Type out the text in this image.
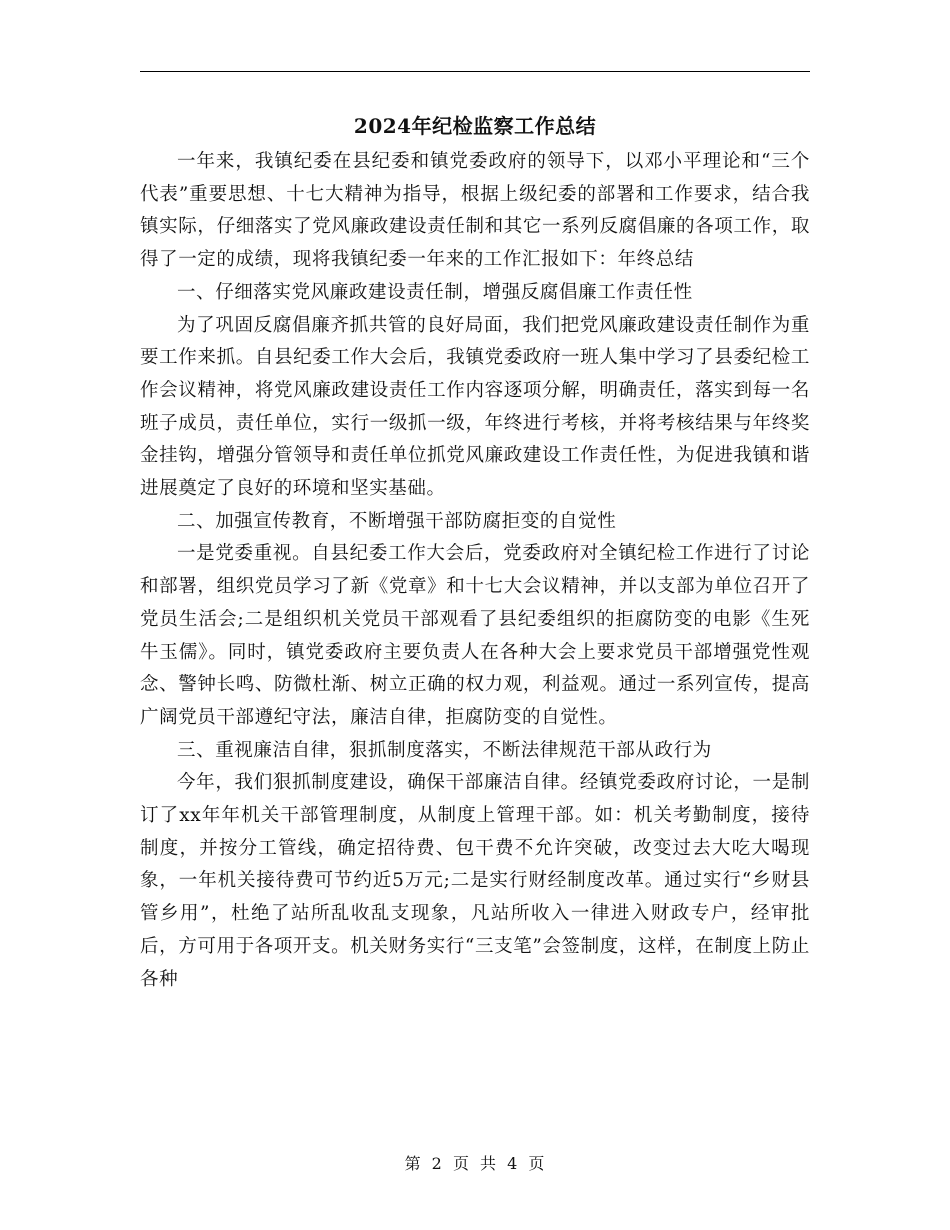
2024年纪检监察工作总结

一年来，我镇纪委在县纪委和镇党委政府的领导下，以邓小平理论和“三个代表”重要思想、十七大精神为指导，根据上级纪委的部署和工作要求，结合我镇实际，仔细落实了党风廉政建设责任制和其它一系列反腐倡廉的各项工作，取得了一定的成绩，现将我镇纪委一年来的工作汇报如下：年终总结

一、仔细落实党风廉政建设责任制，增强反腐倡廉工作责任性

为了巩固反腐倡廉齐抓共管的良好局面，我们把党风廉政建设责任制作为重要工作来抓。自县纪委工作大会后，我镇党委政府一班人集中学习了县委纪检工作会议精神，将党风廉政建设责任工作内容逐项分解，明确责任，落实到每一名班子成员，责任单位，实行一级抓一级，年终进行考核，并将考核结果与年终奖金挂钩，增强分管领导和责任单位抓党风廉政建设工作责任性，为促进我镇和谐进展奠定了良好的环境和坚实基础。

二、加强宣传教育，不断增强干部防腐拒变的自觉性

一是党委重视。自县纪委工作大会后，党委政府对全镇纪检工作进行了讨论和部署，组织党员学习了新《党章》和十七大会议精神，并以支部为单位召开了党员生活会;二是组织机关党员干部观看了县纪委组织的拒腐防变的电影《生死牛玉儒》。同时，镇党委政府主要负责人在各种大会上要求党员干部增强党性观念、警钟长鸣、防微杜渐、树立正确的权力观，利益观。通过一系列宣传，提高广阔党员干部遵纪守法，廉洁自律，拒腐防变的自觉性。

三、重视廉洁自律，狠抓制度落实，不断法律规范干部从政行为

今年，我们狠抓制度建设，确保干部廉洁自律。经镇党委政府讨论，一是制订了xx年年机关干部管理制度，从制度上管理干部。如：机关考勤制度，接待制度，并按分工管线，确定招待费、包干费不允许突破，改变过去大吃大喝现象，一年机关接待费可节约近5万元;二是实行财经制度改革。通过实行“乡财县管乡用”，杜绝了站所乱收乱支现象，凡站所收入一律进入财政专户，经审批后，方可用于各项开支。机关财务实行“三支笔”会签制度，这样，在制度上防止各种

第 2 页 共 4 页
